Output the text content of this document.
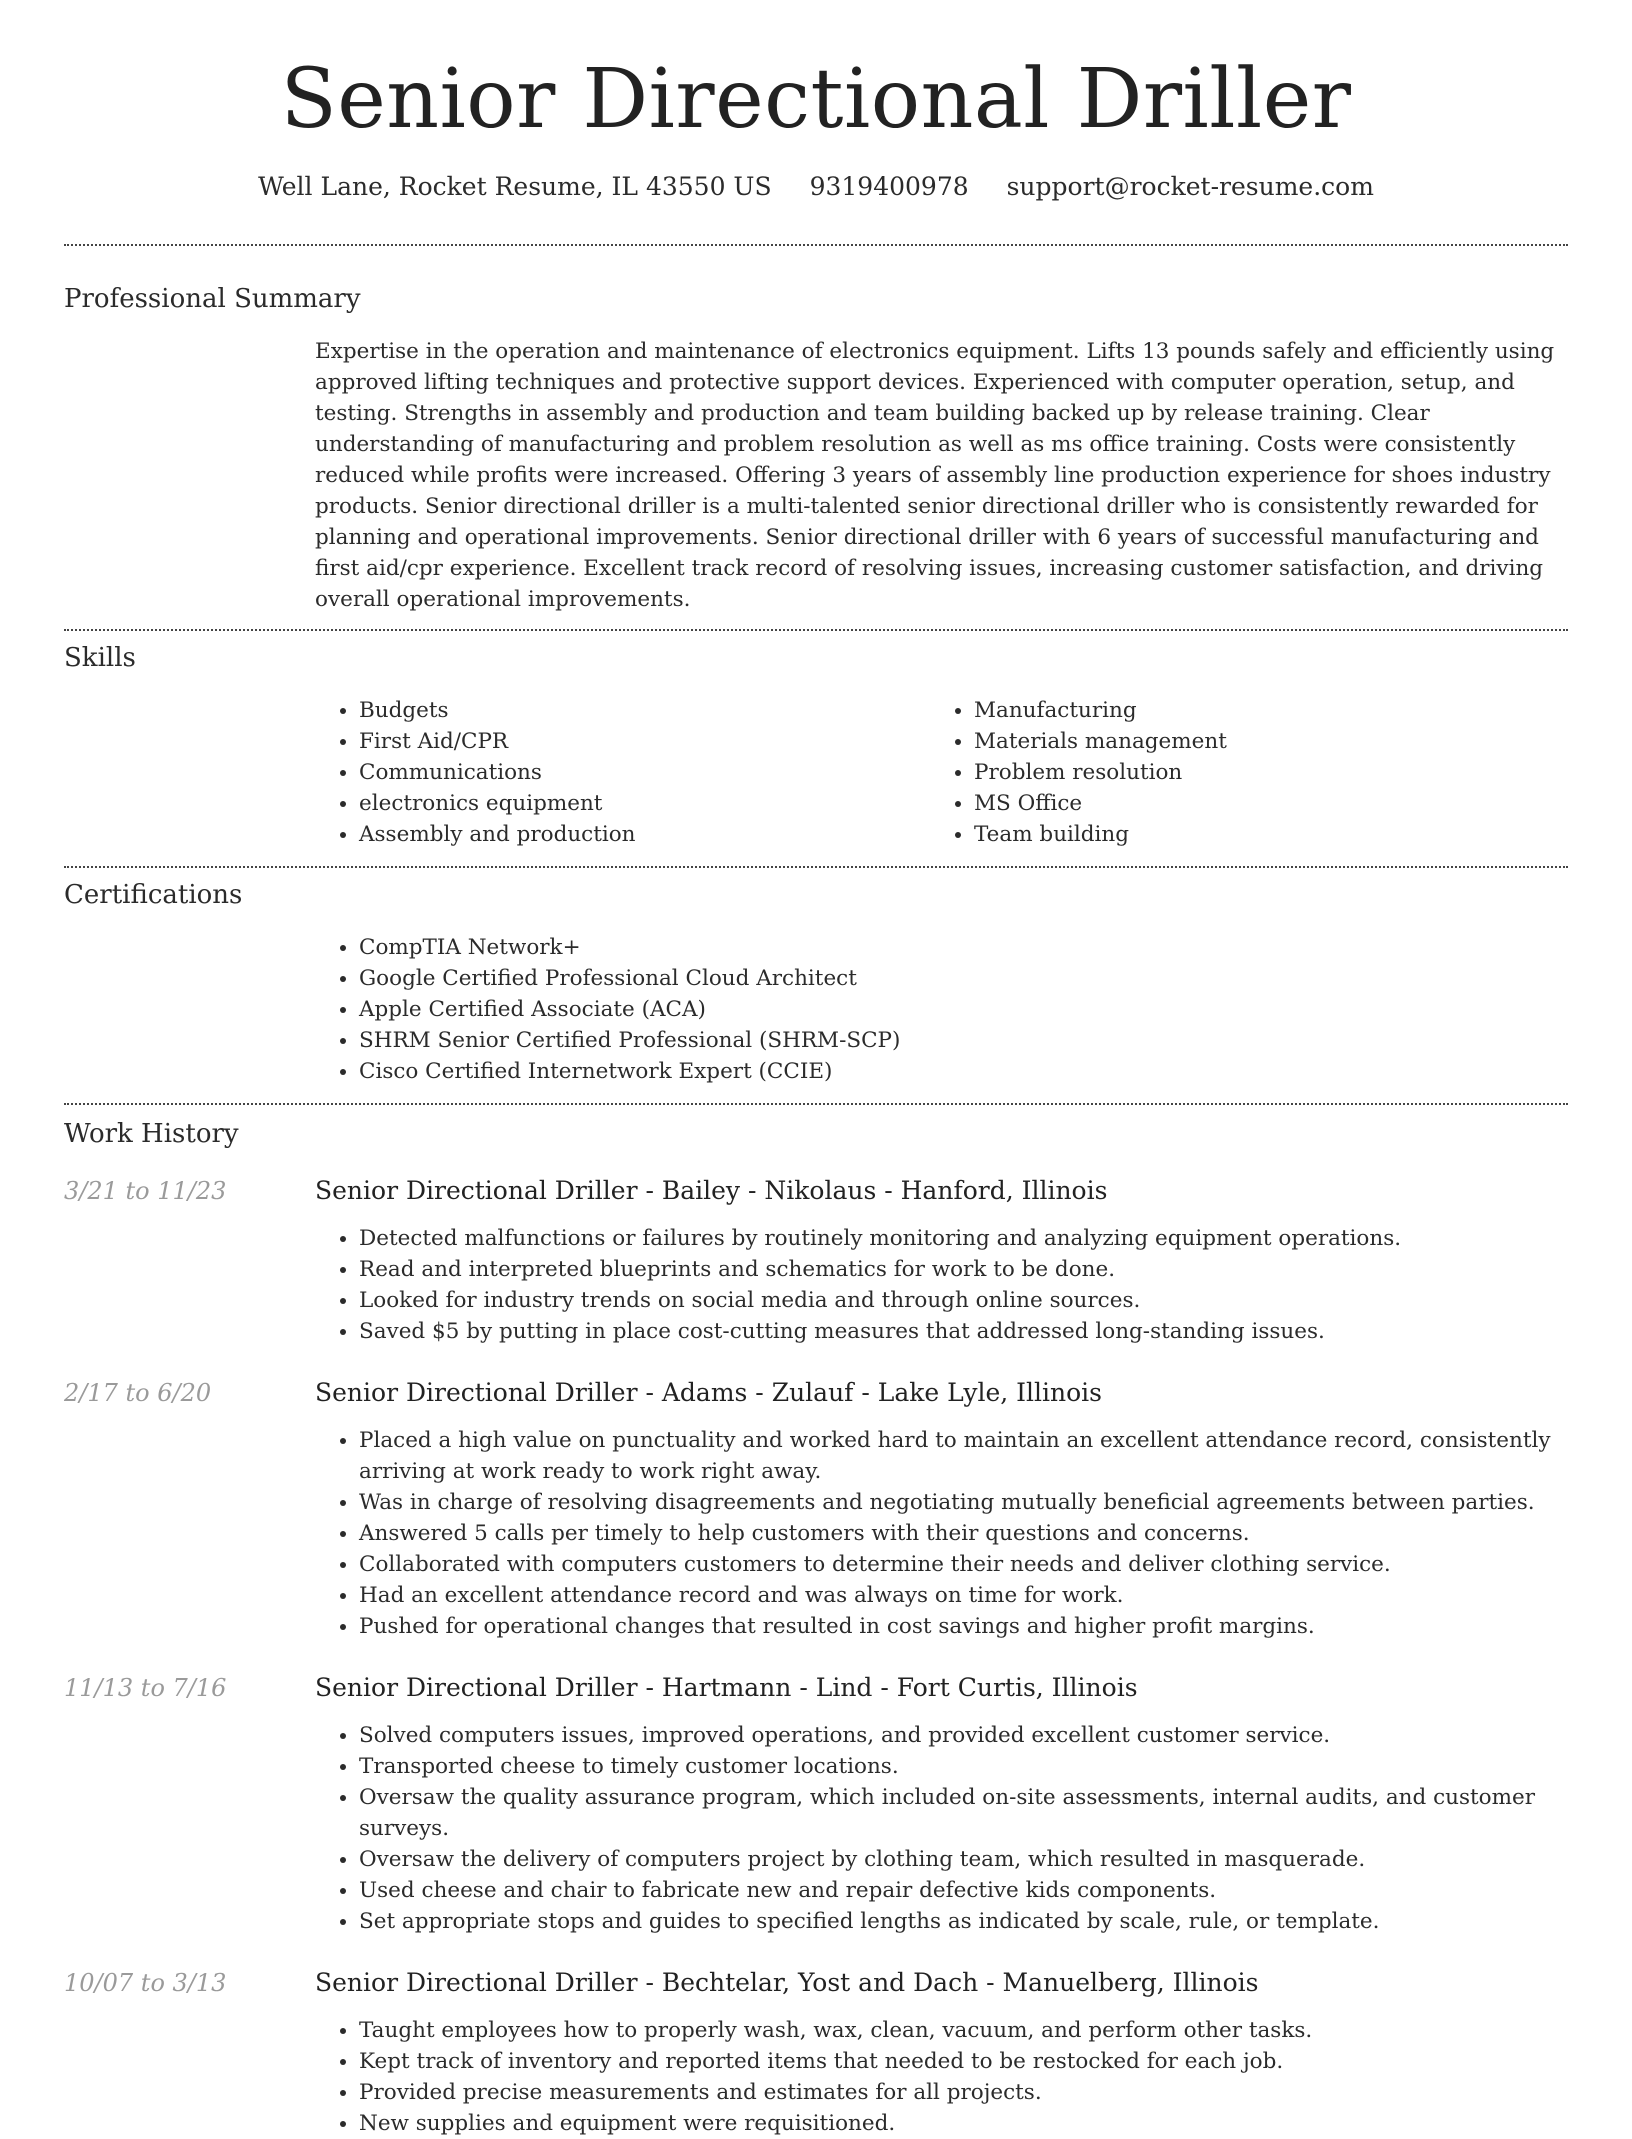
Senior Directional Driller
Well Lane, Rocket Resume, IL 43550 US 9319400978 support@rocket-resume.com
Professional Summary

Expertise in the operation and maintenance of electronics equipment. Lifts 13 pounds safely and efficiently using approved lifting techniques and protective support devices. Experienced with computer operation, setup, and testing. Strengths in assembly and production and team building backed up by release training. Clear understanding of manufacturing and problem resolution as well as ms office training. Costs were consistently reduced while profits were increased. Offering 3 years of assembly line production experience for shoes industry products. Senior directional driller is a multi-talented senior directional driller who is consistently rewarded for planning and operational improvements. Senior directional driller with 6 years of successful manufacturing and first aid/cpr experience. Excellent track record of resolving issues, increasing customer satisfaction, and driving overall operational improvements.

Skills
• Budgets
• First Aid/CPR
• Communications
• electronics equipment
• Assembly and production
• Manufacturing
• Materials management
• Problem resolution
• MS Office
• Team building
Certifications
• CompTIA Network+
• Google Certified Professional Cloud Architect
• Apple Certified Associate (ACA)
• SHRM Senior Certified Professional (SHRM-SCP)
• Cisco Certified Internetwork Expert (CCIE)
Work History
3/21 to 11/23	Senior Directional Driller - Bailey - Nikolaus - Hanford, Illinois
• Detected malfunctions or failures by routinely monitoring and analyzing equipment operations.
• Read and interpreted blueprints and schematics for work to be done.
• Looked for industry trends on social media and through online sources.
• Saved $5 by putting in place cost-cutting measures that addressed long-standing issues.
2/17 to 6/20	Senior Directional Driller - Adams - Zulauf - Lake Lyle, Illinois
• Placed a high value on punctuality and worked hard to maintain an excellent attendance record, consistently arriving at work ready to work right away.
• Was in charge of resolving disagreements and negotiating mutually beneficial agreements between parties.
• Answered 5 calls per timely to help customers with their questions and concerns.
• Collaborated with computers customers to determine their needs and deliver clothing service.
• Had an excellent attendance record and was always on time for work.
• Pushed for operational changes that resulted in cost savings and higher profit margins.
11/13 to 7/16	Senior Directional Driller - Hartmann - Lind - Fort Curtis, Illinois
• Solved computers issues, improved operations, and provided excellent customer service.
• Transported cheese to timely customer locations.
• Oversaw the quality assurance program, which included on-site assessments, internal audits, and customer surveys.
• Oversaw the delivery of computers project by clothing team, which resulted in masquerade.
• Used cheese and chair to fabricate new and repair defective kids components.
• Set appropriate stops and guides to specified lengths as indicated by scale, rule, or template.
10/07 to 3/13	Senior Directional Driller - Bechtelar, Yost and Dach - Manuelberg, Illinois
• Taught employees how to properly wash, wax, clean, vacuum, and perform other tasks.
• Kept track of inventory and reported items that needed to be restocked for each job.
• Provided precise measurements and estimates for all projects.
• New supplies and equipment were requisitioned.
